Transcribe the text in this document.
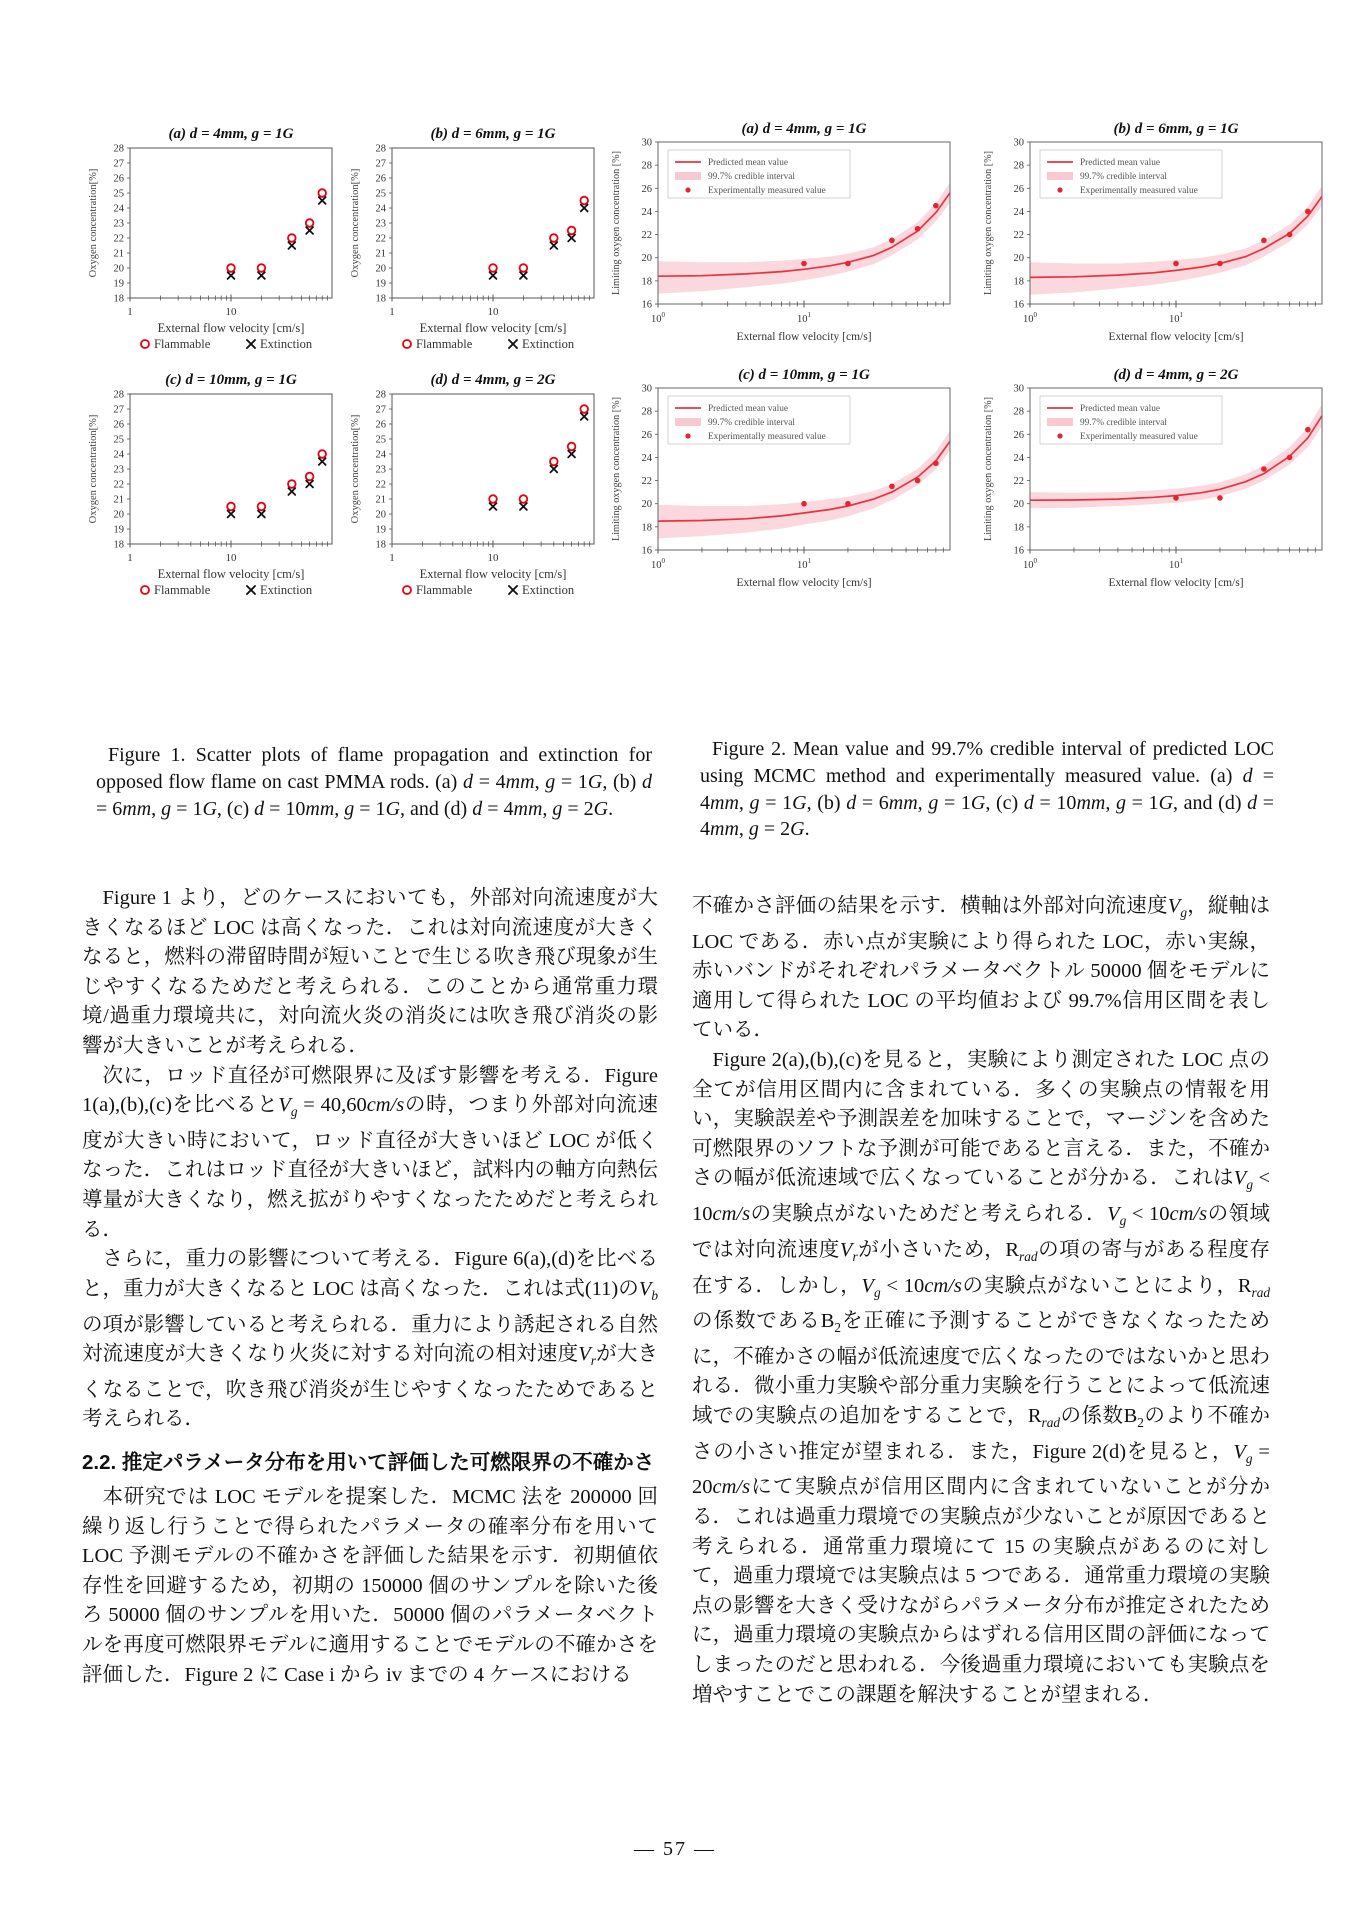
(a) d = 4mm, g = 1G
18
19
20
21
22
23
24
25
26
27
28
1	10
Oxygen concentration[%]
External flow velocity [cm/s]
Flammable	Extinction
(b) d = 6mm, g = 1G
18
19
20
21
22
23
24
25
26
27
28
1	10
Oxygen concentration[%]
External flow velocity [cm/s]
Flammable	Extinction
(c) d = 10mm, g = 1G
18
19
20
21
22
23
24
25
26
27
28
1	10
Oxygen concentration[%]
External flow velocity [cm/s]
Flammable	Extinction
(d) d = 4mm, g = 2G
18
19
20
21
22
23
24
25
26
27
28
1	10
Oxygen concentration[%]
External flow velocity [cm/s]
Flammable	Extinction
(a) d = 4mm, g = 1G
16
18
20
22
24
26
28
30
$10^0$	$10^1$
Limiting oxygen concentration [%]
External flow velocity [cm/s]
Predicted mean value
99.7% credible interval
Experimentally measured value
(b) d = 6mm, g = 1G
16
18
20
22
24
26
28
30
$10^0$	$10^1$
Limiting oxygen concentration [%]
External flow velocity [cm/s]
Predicted mean value
99.7% credible interval
Experimentally measured value
(c) d = 10mm, g = 1G
16
18
20
22
24
26
28
30
$10^0$	$10^1$
Limiting oxygen concentration [%]
External flow velocity [cm/s]
Predicted mean value
99.7% credible interval
Experimentally measured value
(d) d = 4mm, g = 2G
16
18
20
22
24
26
28
30
$10^0$	$10^1$
Limiting oxygen concentration [%]
External flow velocity [cm/s]
Predicted mean value
99.7% credible interval
Experimentally measured value

Figure 1. Scatter plots of flame propagation and extinction for opposed flow flame on cast PMMA rods. (a) d = 4mm, g = 1G, (b) d = 6mm, g = 1G, (c) d = 10mm, g = 1G, and (d) d = 4mm, g = 2G.

Figure 2. Mean value and 99.7% credible interval of predicted LOC using MCMC method and experimentally measured value. (a) d = 4mm, g = 1G, (b) d = 6mm, g = 1G, (c) d = 10mm, g = 1G, and (d) d = 4mm, g = 2G.

Figure 1 より，どのケースにおいても，外部対向流速度が大きくなるほど LOC は高くなった．これは対向流速度が大きくなると，燃料の滞留時間が短いことで生じる吹き飛び現象が生じやすくなるためだと考えられる．このことから通常重力環境/過重力環境共に，対向流火炎の消炎には吹き飛び消炎の影響が大きいことが考えられる．

次に，ロッド直径が可燃限界に及ぼす影響を考える．Figure 1(a),(b),(c)を比べると$V_g = 40,60cm/s$の時，つまり外部対向流速度が大きい時において，ロッド直径が大きいほど LOC が低くなった．これはロッド直径が大きいほど，試料内の軸方向熱伝導量が大きくなり，燃え拡がりやすくなったためだと考えられる．

さらに，重力の影響について考える．Figure 6(a),(d)を比べると，重力が大きくなると LOC は高くなった．これは式(11)の$V_b$の項が影響していると考えられる．重力により誘起される自然対流速度が大きくなり火炎に対する対向流の相対速度$V_r$が大きくなることで，吹き飛び消炎が生じやすくなったためであると考えられる．

2.2. 推定パラメータ分布を用いて評価した可燃限界の不確かさ

本研究では LOC モデルを提案した．MCMC 法を 200000 回繰り返し行うことで得られたパラメータの確率分布を用いて LOC 予測モデルの不確かさを評価した結果を示す．初期値依存性を回避するため，初期の 150000 個のサンプルを除いた後ろ 50000 個のサンプルを用いた．50000 個のパラメータベクトルを再度可燃限界モデルに適用することでモデルの不確かさを評価した．Figure 2 に Case i から iv までの 4 ケースにおける

不確かさ評価の結果を示す．横軸は外部対向流速度$V_g$，縦軸は LOC である．赤い点が実験により得られた LOC，赤い実線，赤いバンドがそれぞれパラメータベクトル 50000 個をモデルに適用して得られた LOC の平均値および 99.7%信用区間を表している．

Figure 2(a),(b),(c)を見ると，実験により測定された LOC 点の全てが信用区間内に含まれている．多くの実験点の情報を用い，実験誤差や予測誤差を加味することで，マージンを含めた可燃限界のソフトな予測が可能であると言える．また，不確かさの幅が低流速域で広くなっていることが分かる．これは$V_g < 10cm/s$の実験点がないためだと考えられる．$V_g < 10cm/s$の領域では対向流速度$V_r$が小さいため，$R_{rad}$の項の寄与がある程度存在する．しかし，$V_g < 10cm/s$の実験点がないことにより，$R_{rad}$の係数である$B_2$を正確に予測することができなくなったために，不確かさの幅が低流速度で広くなったのではないかと思われる．微小重力実験や部分重力実験を行うことによって低流速域での実験点の追加をすることで，$R_{rad}$の係数$B_2$のより不確かさの小さい推定が望まれる．また，Figure 2(d)を見ると，$V_g = 20cm/s$にて実験点が信用区間内に含まれていないことが分かる．これは過重力環境での実験点が少ないことが原因であると考えられる．通常重力環境にて 15 の実験点があるのに対して，過重力環境では実験点は 5 つである．通常重力環境の実験点の影響を大きく受けながらパラメータ分布が推定されたために，過重力環境の実験点からはずれる信用区間の評価になってしまったのだと思われる．今後過重力環境においても実験点を増やすことでこの課題を解決することが望まれる．

— 57 —
